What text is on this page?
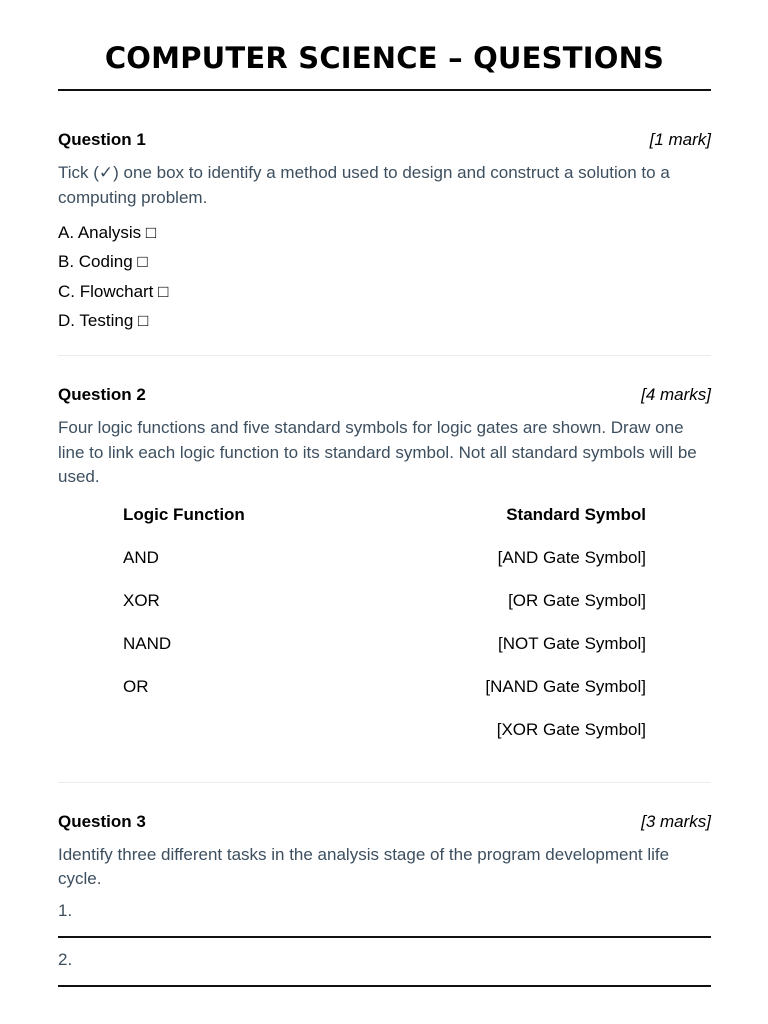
COMPUTER SCIENCE – QUESTIONS
Question 1	[1 mark]
Tick (✓) one box to identify a method used to design and construct a solution to a computing problem.
A. Analysis □
B. Coding □
C. Flowchart □
D. Testing □
Question 2	[4 marks]
Four logic functions and five standard symbols for logic gates are shown. Draw one line to link each logic function to its standard symbol. Not all standard symbols will be used.
Logic Function	Standard Symbol
AND	[AND Gate Symbol]
XOR	[OR Gate Symbol]
NAND	[NOT Gate Symbol]
OR	[NAND Gate Symbol]
[XOR Gate Symbol]
Question 3	[3 marks]
Identify three different tasks in the analysis stage of the program development life cycle.
1.
2.
